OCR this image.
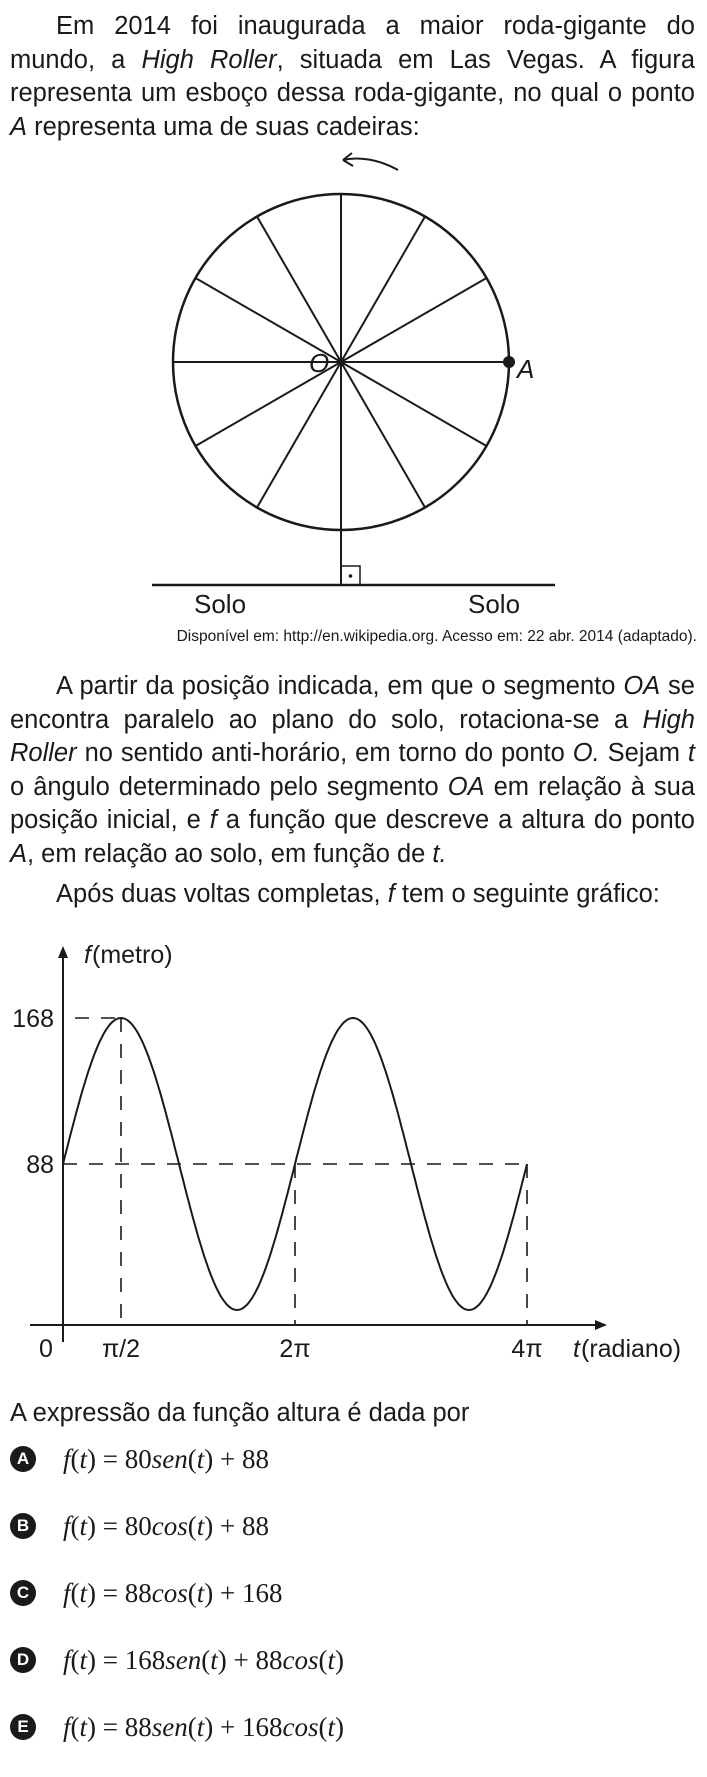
Em 2014 foi inaugurada a maior roda-gigante do mundo, a High Roller, situada em Las Vegas. A figura representa um esboço dessa roda-gigante, no qual o ponto A representa uma de suas cadeiras:

O	A
Solo	Solo

Disponível em: http://en.wikipedia.org. Acesso em: 22 abr. 2014 (adaptado).

A partir da posição indicada, em que o segmento OA se encontra paralelo ao plano do solo, rotaciona-se a High Roller no sentido anti-horário, em torno do ponto O. Sejam t o ângulo determinado pelo segmento OA em relação à sua posição inicial, e f a função que descreve a altura do ponto A, em relação ao solo, em função de t.

Após duas voltas completas, f tem o seguinte gráfico:

f (metro)
t (radiano)
0 π/2	2π	4π
168
88

A expressão da função altura é dada por

A f(t) = 80sen(t) + 88
B f(t) = 80cos(t) + 88
C f(t) = 88cos(t) + 168
D f(t) = 168sen(t) + 88cos(t)
E f(t) = 88sen(t) + 168cos(t)
